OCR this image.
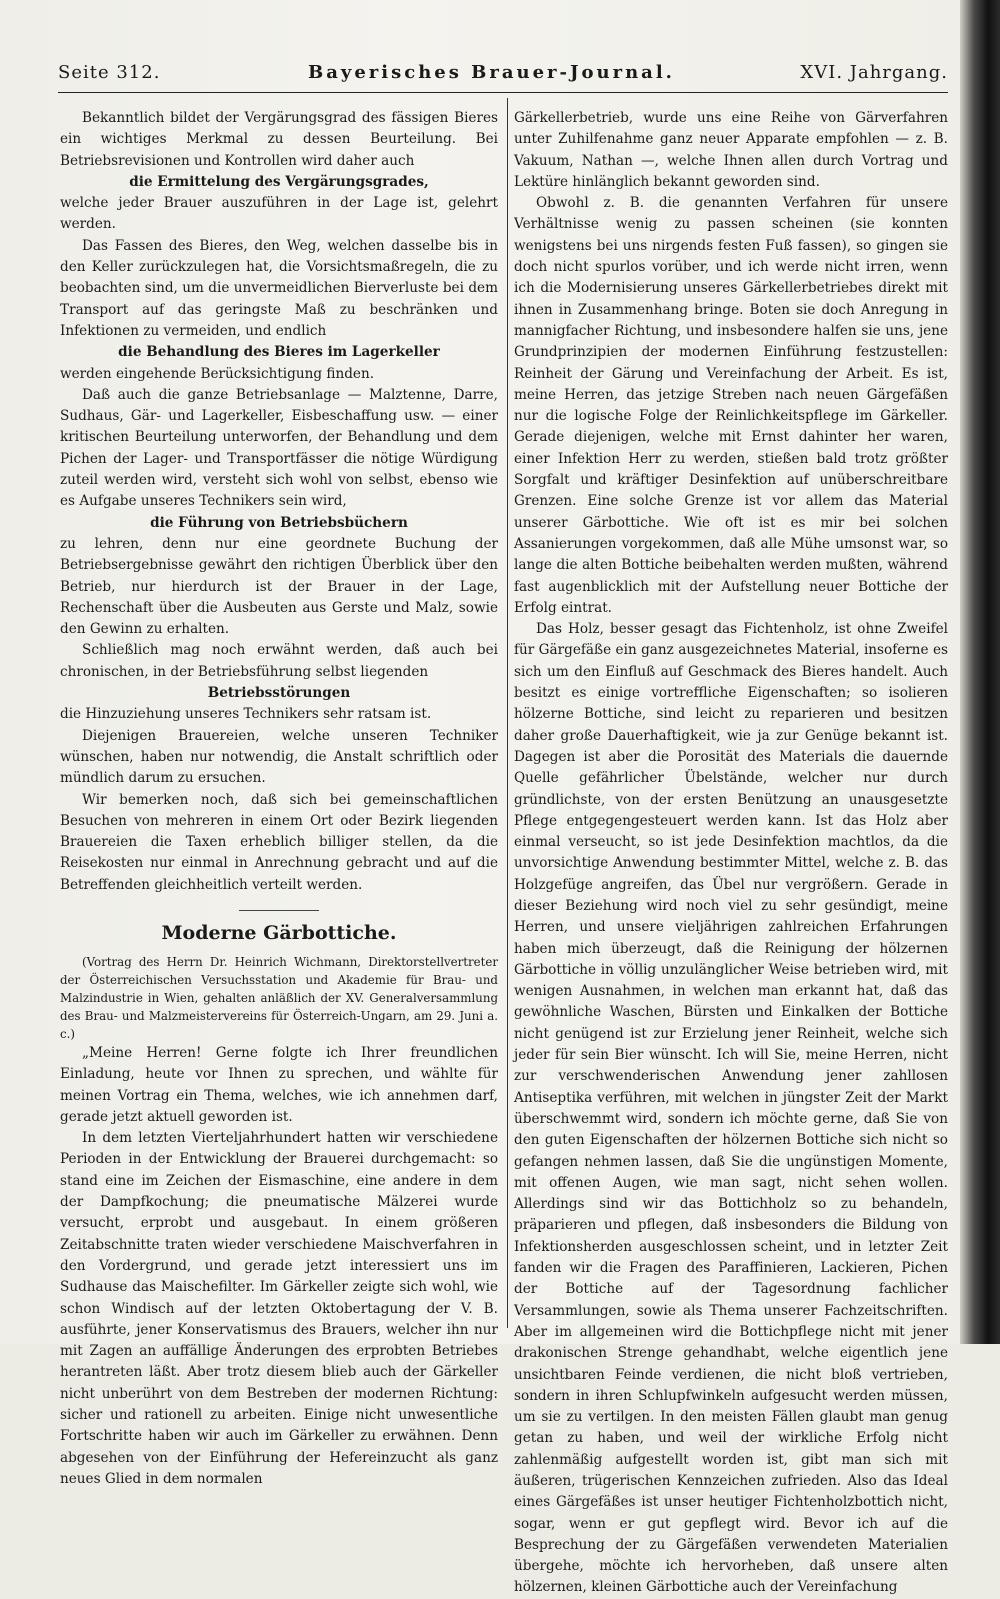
Seite 312.	Bayerisches Brauer-Journal.	XVI. Jahrgang.

Bekanntlich bildet der Vergärungsgrad des fässigen Bieres ein wichtiges Merkmal zu dessen Beurteilung. Bei Betriebsrevisionen und Kontrollen wird daher auch

die Ermittelung des Vergärungsgrades,

welche jeder Brauer auszuführen in der Lage ist, gelehrt werden.

Das Fassen des Bieres, den Weg, welchen dasselbe bis in den Keller zurückzulegen hat, die Vorsichtsmaßregeln, die zu beobachten sind, um die unvermeidlichen Bierverluste bei dem Transport auf das geringste Maß zu beschränken und Infektionen zu vermeiden, und endlich

die Behandlung des Bieres im Lagerkeller

werden eingehende Berücksichtigung finden.

Daß auch die ganze Betriebsanlage — Malztenne, Darre, Sudhaus, Gär- und Lagerkeller, Eisbeschaffung usw. — einer kritischen Beurteilung unterworfen, der Behandlung und dem Pichen der Lager- und Transportfässer die nötige Würdigung zuteil werden wird, versteht sich wohl von selbst, ebenso wie es Aufgabe unseres Technikers sein wird,

die Führung von Betriebsbüchern

zu lehren, denn nur eine geordnete Buchung der Betriebsergebnisse gewährt den richtigen Überblick über den Betrieb, nur hierdurch ist der Brauer in der Lage, Rechenschaft über die Ausbeuten aus Gerste und Malz, sowie den Gewinn zu erhalten.

Schließlich mag noch erwähnt werden, daß auch bei chronischen, in der Betriebsführung selbst liegenden

Betriebsstörungen

die Hinzuziehung unseres Technikers sehr ratsam ist.

Diejenigen Brauereien, welche unseren Techniker wünschen, haben nur notwendig, die Anstalt schriftlich oder mündlich darum zu ersuchen.

Wir bemerken noch, daß sich bei gemeinschaftlichen Besuchen von mehreren in einem Ort oder Bezirk liegenden Brauereien die Taxen erheblich billiger stellen, da die Reisekosten nur einmal in Anrechnung gebracht und auf die Betreffenden gleichheitlich verteilt werden.

Moderne Gärbottiche.

(Vortrag des Herrn Dr. Heinrich Wichmann, Direktorstellvertreter der Österreichischen Versuchsstation und Akademie für Brau- und Malzindustrie in Wien, gehalten anläßlich der XV. Generalversammlung des Brau- und Malzmeistervereins für Österreich-Ungarn, am 29. Juni a. c.)

„Meine Herren! Gerne folgte ich Ihrer freundlichen Einladung, heute vor Ihnen zu sprechen, und wählte für meinen Vortrag ein Thema, welches, wie ich annehmen darf, gerade jetzt aktuell geworden ist.

In dem letzten Vierteljahrhundert hatten wir verschiedene Perioden in der Entwicklung der Brauerei durchgemacht: so stand eine im Zeichen der Eismaschine, eine andere in dem der Dampfkochung; die pneumatische Mälzerei wurde versucht, erprobt und ausgebaut. In einem größeren Zeitabschnitte traten wieder verschiedene Maischverfahren in den Vordergrund, und gerade jetzt interessiert uns im Sudhause das Maischefilter. Im Gärkeller zeigte sich wohl, wie schon Windisch auf der letzten Oktobertagung der V. B. ausführte, jener Konservatismus des Brauers, welcher ihn nur mit Zagen an auffällige Änderungen des erprobten Betriebes herantreten läßt. Aber trotz diesem blieb auch der Gärkeller nicht unberührt von dem Bestreben der modernen Richtung: sicher und rationell zu arbeiten. Einige nicht unwesentliche Fortschritte haben wir auch im Gärkeller zu erwähnen. Denn abgesehen von der Einführung der Hefereinzucht als ganz neues Glied in dem normalen

Gärkellerbetrieb, wurde uns eine Reihe von Gärverfahren unter Zuhilfenahme ganz neuer Apparate empfohlen — z. B. Vakuum, Nathan —, welche Ihnen allen durch Vortrag und Lektüre hinlänglich bekannt geworden sind.

Obwohl z. B. die genannten Verfahren für unsere Verhältnisse wenig zu passen scheinen (sie konnten wenigstens bei uns nirgends festen Fuß fassen), so gingen sie doch nicht spurlos vorüber, und ich werde nicht irren, wenn ich die Modernisierung unseres Gärkellerbetriebes direkt mit ihnen in Zusammenhang bringe. Boten sie doch Anregung in mannigfacher Richtung, und insbesondere halfen sie uns, jene Grundprinzipien der modernen Einführung festzustellen: Reinheit der Gärung und Vereinfachung der Arbeit. Es ist, meine Herren, das jetzige Streben nach neuen Gärgefäßen nur die logische Folge der Reinlichkeitspflege im Gärkeller. Gerade diejenigen, welche mit Ernst dahinter her waren, einer Infektion Herr zu werden, stießen bald trotz größter Sorgfalt und kräftiger Desinfektion auf unüberschreitbare Grenzen. Eine solche Grenze ist vor allem das Material unserer Gärbottiche. Wie oft ist es mir bei solchen Assanierungen vorgekommen, daß alle Mühe umsonst war, so lange die alten Bottiche beibehalten werden mußten, während fast augenblicklich mit der Aufstellung neuer Bottiche der Erfolg eintrat.

Das Holz, besser gesagt das Fichtenholz, ist ohne Zweifel für Gärgefäße ein ganz ausgezeichnetes Material, insoferne es sich um den Einfluß auf Geschmack des Bieres handelt. Auch besitzt es einige vortreffliche Eigenschaften; so isolieren hölzerne Bottiche, sind leicht zu reparieren und besitzen daher große Dauerhaftigkeit, wie ja zur Genüge bekannt ist. Dagegen ist aber die Porosität des Materials die dauernde Quelle gefährlicher Übelstände, welcher nur durch gründlichste, von der ersten Benützung an unausgesetzte Pflege entgegengesteuert werden kann. Ist das Holz aber einmal verseucht, so ist jede Desinfektion machtlos, da die unvorsichtige Anwendung bestimmter Mittel, welche z. B. das Holzgefüge angreifen, das Übel nur vergrößern. Gerade in dieser Beziehung wird noch viel zu sehr gesündigt, meine Herren, und unsere vieljährigen zahlreichen Erfahrungen haben mich überzeugt, daß die Reinigung der hölzernen Gärbottiche in völlig unzulänglicher Weise betrieben wird, mit wenigen Ausnahmen, in welchen man erkannt hat, daß das gewöhnliche Waschen, Bürsten und Einkalken der Bottiche nicht genügend ist zur Erzielung jener Reinheit, welche sich jeder für sein Bier wünscht. Ich will Sie, meine Herren, nicht zur verschwenderischen Anwendung jener zahllosen Antiseptika verführen, mit welchen in jüngster Zeit der Markt überschwemmt wird, sondern ich möchte gerne, daß Sie von den guten Eigenschaften der hölzernen Bottiche sich nicht so gefangen nehmen lassen, daß Sie die ungünstigen Momente, mit offenen Augen, wie man sagt, nicht sehen wollen. Allerdings sind wir das Bottichholz so zu behandeln, präparieren und pflegen, daß insbesonders die Bildung von Infektionsherden ausgeschlossen scheint, und in letzter Zeit fanden wir die Fragen des Paraffinieren, Lackieren, Pichen der Bottiche auf der Tagesordnung fachlicher Versammlungen, sowie als Thema unserer Fachzeitschriften. Aber im allgemeinen wird die Bottichpflege nicht mit jener drakonischen Strenge gehandhabt, welche eigentlich jene unsichtbaren Feinde verdienen, die nicht bloß vertrieben, sondern in ihren Schlupfwinkeln aufgesucht werden müssen, um sie zu vertilgen. In den meisten Fällen glaubt man genug getan zu haben, und weil der wirkliche Erfolg nicht zahlenmäßig aufgestellt worden ist, gibt man sich mit äußeren, trügerischen Kennzeichen zufrieden. Also das Ideal eines Gärgefäßes ist unser heutiger Fichtenholzbottich nicht, sogar, wenn er gut gepflegt wird. Bevor ich auf die Besprechung der zu Gärgefäßen verwendeten Materialien übergehe, möchte ich hervorheben, daß unsere alten hölzernen, kleinen Gärbottiche auch der Vereinfachung
